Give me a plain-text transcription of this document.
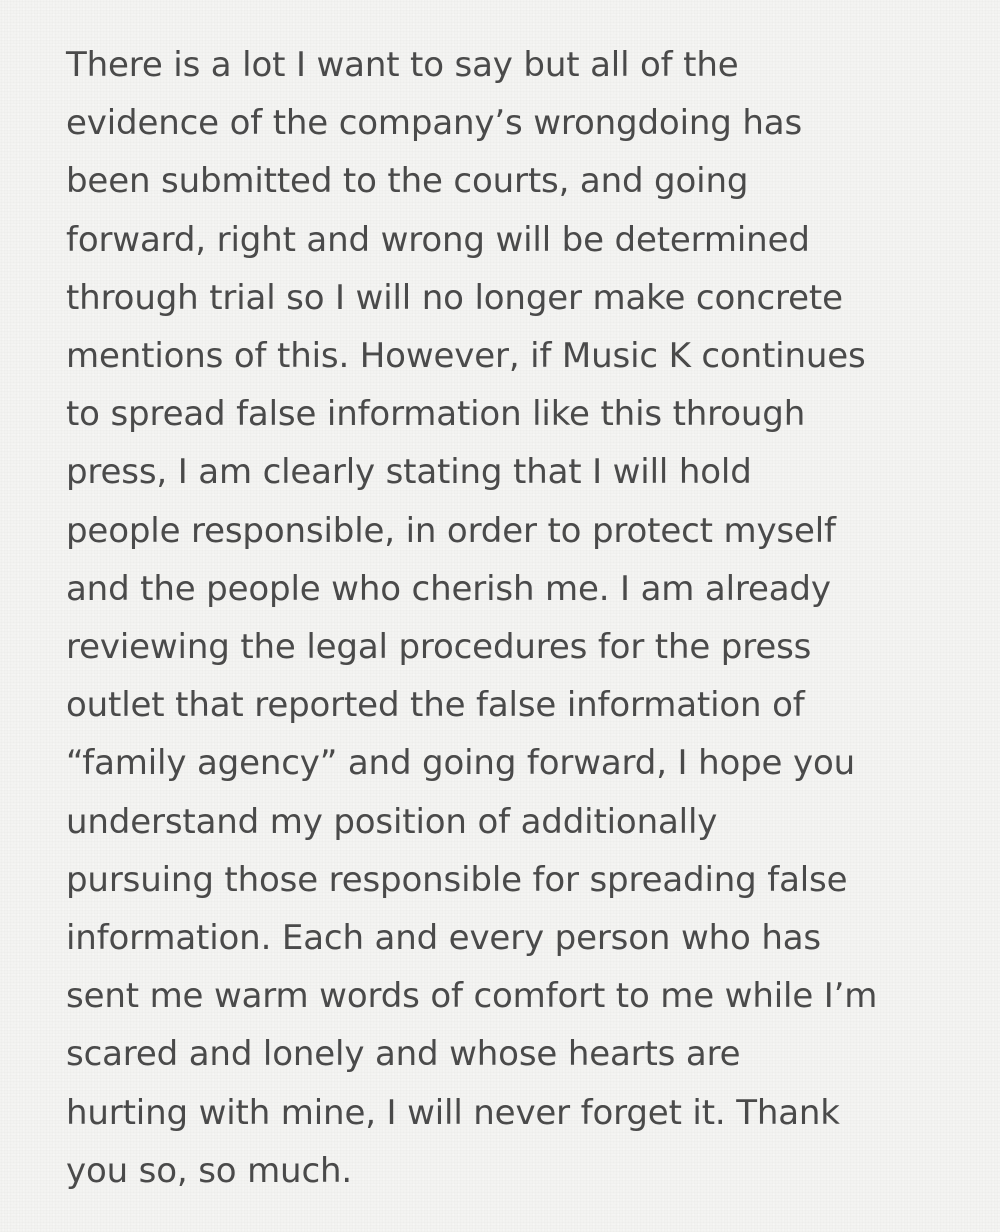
There is a lot I want to say but all of the
evidence of the company’s wrongdoing has
been submitted to the courts, and going
forward, right and wrong will be determined
through trial so I will no longer make concrete
mentions of this. However, if Music K continues
to spread false information like this through
press, I am clearly stating that I will hold
people responsible, in order to protect myself
and the people who cherish me. I am already
reviewing the legal procedures for the press
outlet that reported the false information of
“family agency” and going forward, I hope you
understand my position of additionally
pursuing those responsible for spreading false
information. Each and every person who has
sent me warm words of comfort to me while I’m
scared and lonely and whose hearts are
hurting with mine, I will never forget it. Thank
you so, so much.
